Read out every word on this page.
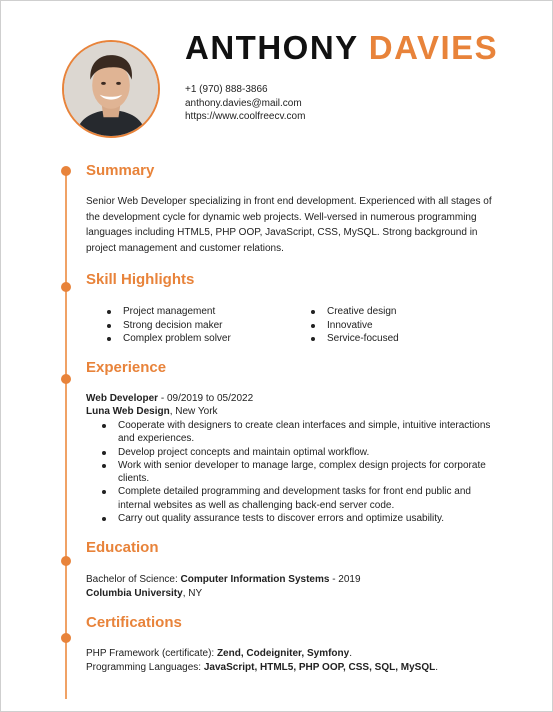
ANTHONY DAVIES
+1 (970) 888-3866
anthony.davies@mail.com
https://www.coolfreecv.com
Summary
Senior Web Developer specializing in front end development. Experienced with all stages of the development cycle for dynamic web projects. Well-versed in numerous programming languages including HTML5, PHP OOP, JavaScript, CSS, MySQL. Strong background in project management and customer relations.
Skill Highlights
Project management
Strong decision maker
Complex problem solver
Creative design
Innovative
Service-focused
Experience
Web Developer - 09/2019 to 05/2022
Luna Web Design, New York
Cooperate with designers to create clean interfaces and simple, intuitive interactions and experiences.
Develop project concepts and maintain optimal workflow.
Work with senior developer to manage large, complex design projects for corporate clients.
Complete detailed programming and development tasks for front end public and internal websites as well as challenging back-end server code.
Carry out quality assurance tests to discover errors and optimize usability.
Education
Bachelor of Science: Computer Information Systems - 2019
Columbia University, NY
Certifications
PHP Framework (certificate): Zend, Codeigniter, Symfony.
Programming Languages: JavaScript, HTML5, PHP OOP, CSS, SQL, MySQL.
